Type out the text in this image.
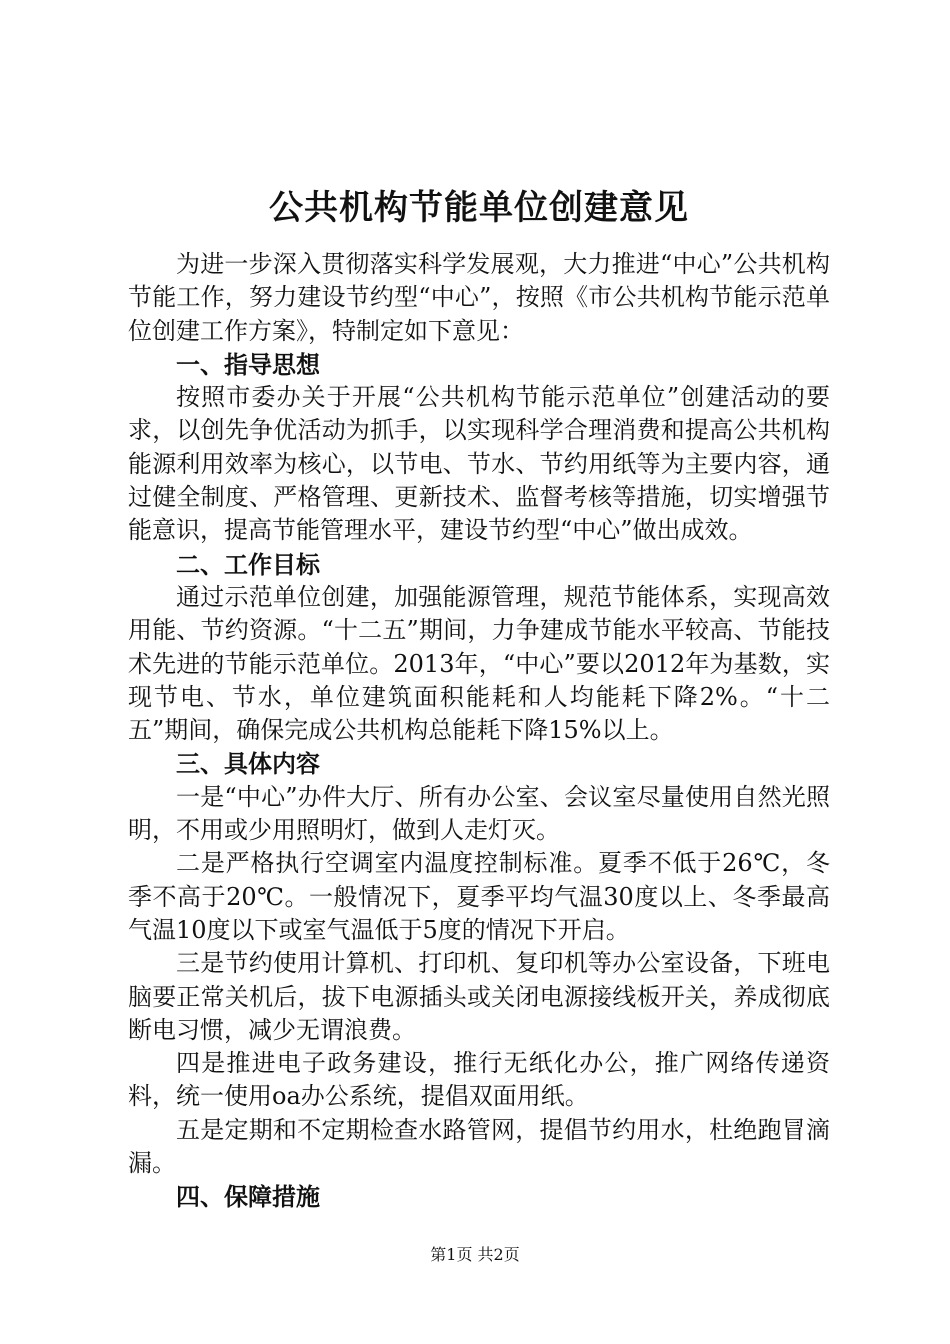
公共机构节能单位创建意见

为进一步深入贯彻落实科学发展观，大力推进“中心”公共机构节能工作，努力建设节约型“中心”，按照《市公共机构节能示范单位创建工作方案》，特制定如下意见：

一、指导思想

按照市委办关于开展“公共机构节能示范单位”创建活动的要求，以创先争优活动为抓手，以实现科学合理消费和提高公共机构能源利用效率为核心，以节电、节水、节约用纸等为主要内容，通过健全制度、严格管理、更新技术、监督考核等措施，切实增强节能意识，提高节能管理水平，建设节约型“中心”做出成效。

二、工作目标

通过示范单位创建，加强能源管理，规范节能体系，实现高效用能、节约资源。“十二五”期间，力争建成节能水平较高、节能技术先进的节能示范单位。2013年，“中心”要以2012年为基数，实现节电、节水，单位建筑面积能耗和人均能耗下降2%。“十二五”期间，确保完成公共机构总能耗下降15%以上。

三、具体内容

一是“中心”办件大厅、所有办公室、会议室尽量使用自然光照明，不用或少用照明灯，做到人走灯灭。

二是严格执行空调室内温度控制标准。夏季不低于26℃，冬季不高于20℃。一般情况下，夏季平均气温30度以上、冬季最高气温10度以下或室气温低于5度的情况下开启。

三是节约使用计算机、打印机、复印机等办公室设备，下班电脑要正常关机后，拔下电源插头或关闭电源接线板开关，养成彻底断电习惯，减少无谓浪费。

四是推进电子政务建设，推行无纸化办公，推广网络传递资料，统一使用oa办公系统，提倡双面用纸。

五是定期和不定期检查水路管网，提倡节约用水，杜绝跑冒滴漏。

四、保障措施

第1页 共2页
